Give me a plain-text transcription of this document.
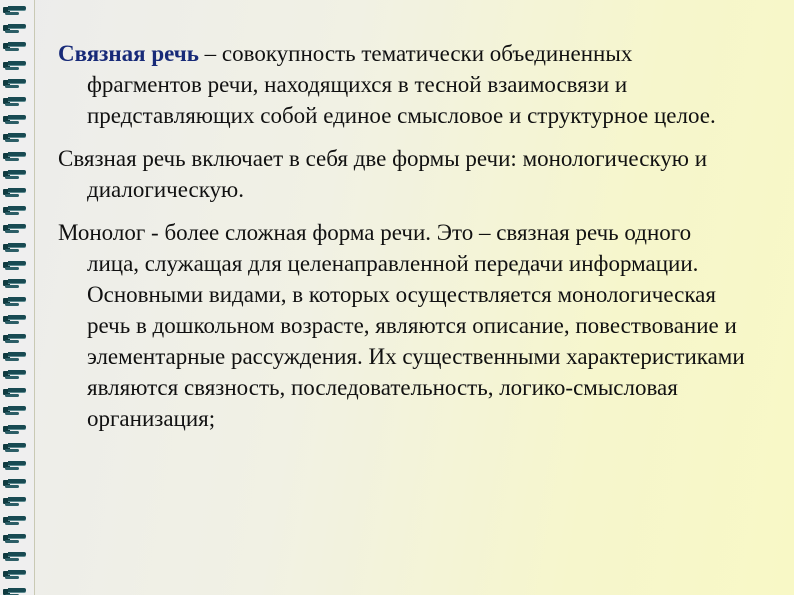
Связная речь – совокупность тематически объединенных фрагментов речи, находящихся в тесной взаимосвязи и представляющих собой единое смысловое и структурное целое.

Связная речь включает в себя две формы речи: монологическую и диалогическую.

Монолог - более сложная форма речи. Это – связная речь одного лица, служащая для целенаправленной передачи информации. Основными видами, в которых осуществляется монологическая речь в дошкольном возрасте, являются описание, повествование и элементарные рассуждения. Их существенными характеристиками являются связность, последовательность, логико-смысловая организация;
